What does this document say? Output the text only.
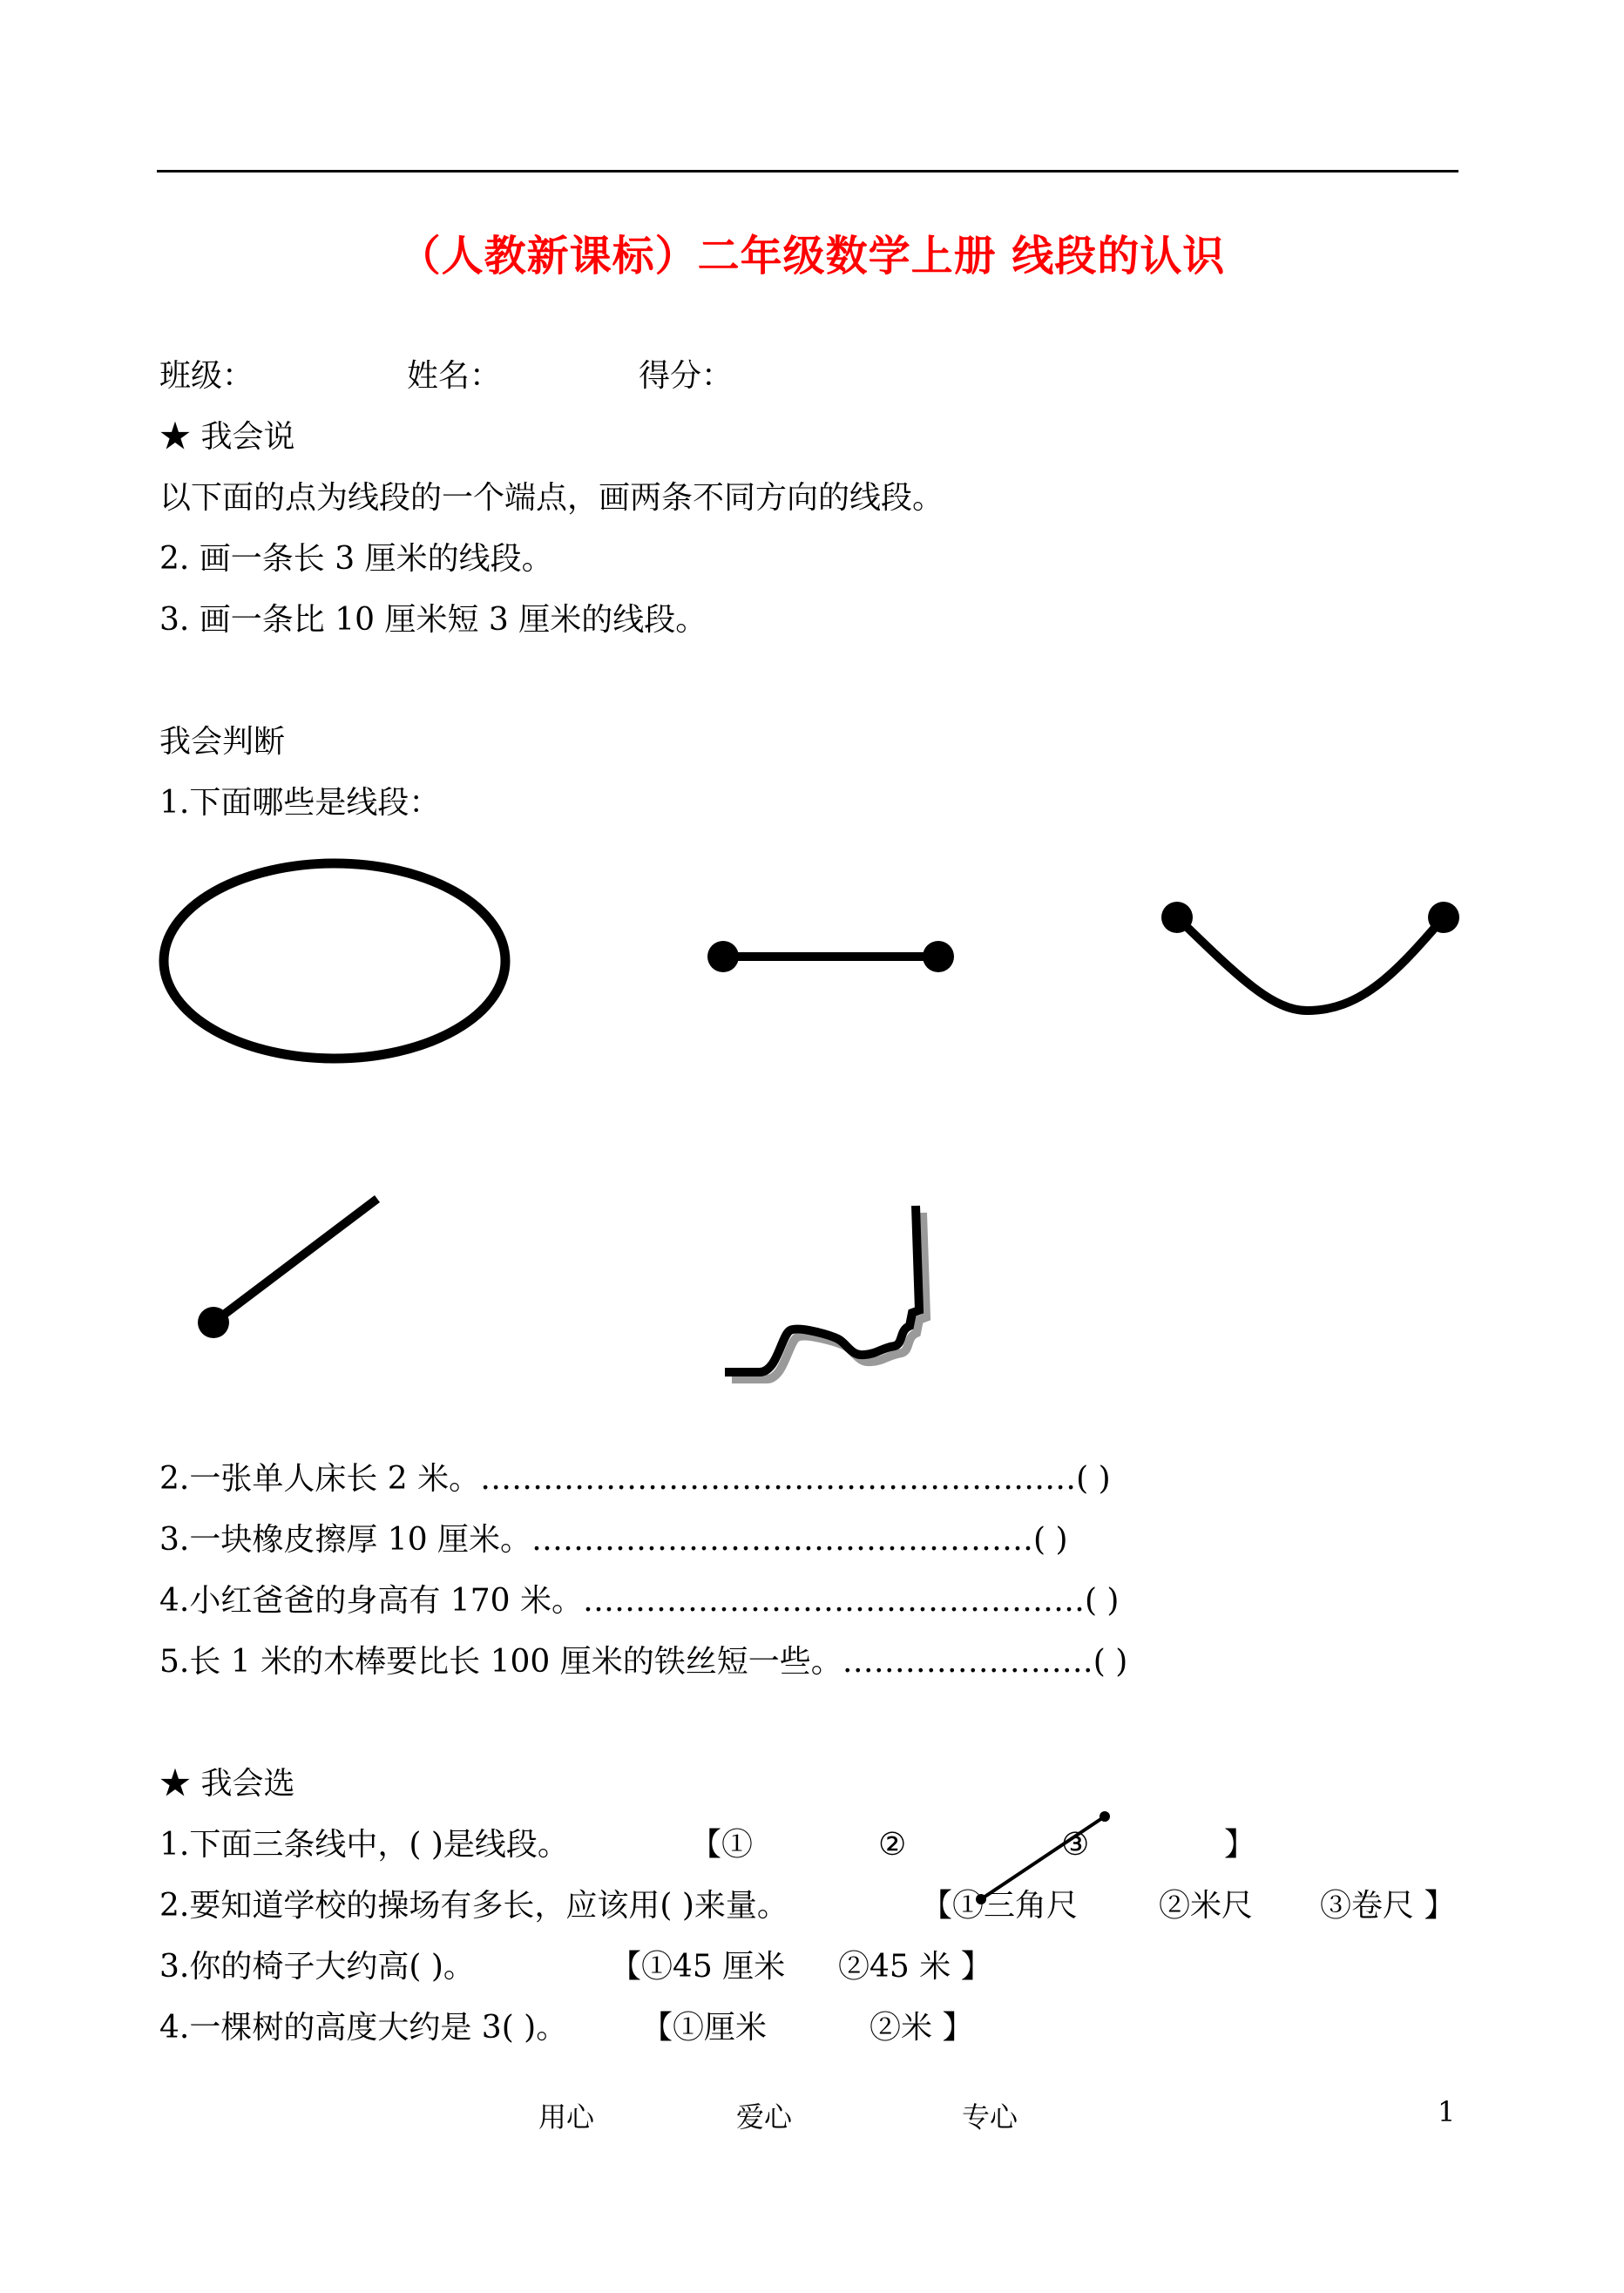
（人教新课标）二年级数学上册 线段的认识
班级：	姓名：	得分：
★ 我会说
以下面的点为线段的一个端点，画两条不同方向的线段。
2. 画一条长 3 厘米的线段。
3. 画一条比 10 厘米短 3 厘米的线段。
我会判断
1.下面哪些是线段：
2.一张单人床长 2 米。…………………………………………………( )
3.一块橡皮擦厚 10 厘米。…………………………………………( )
4.小红爸爸的身高有 170 米。…………………………………………( )
5.长 1 米的木棒要比长 100 厘米的铁丝短一些。……………………( )
★ 我会选
1.下面三条线中，( )是线段。	【①	②	③	】
2.要知道学校的操场有多长，应该用( )来量。	【①三角尺	②米尺 ③卷尺 】
3.你的椅子大约高( )。	【①45 厘米 ②45 米 】
4.一棵树的高度大约是 3( )。 【①厘米	②米 】
用心	爱心	专心	1
